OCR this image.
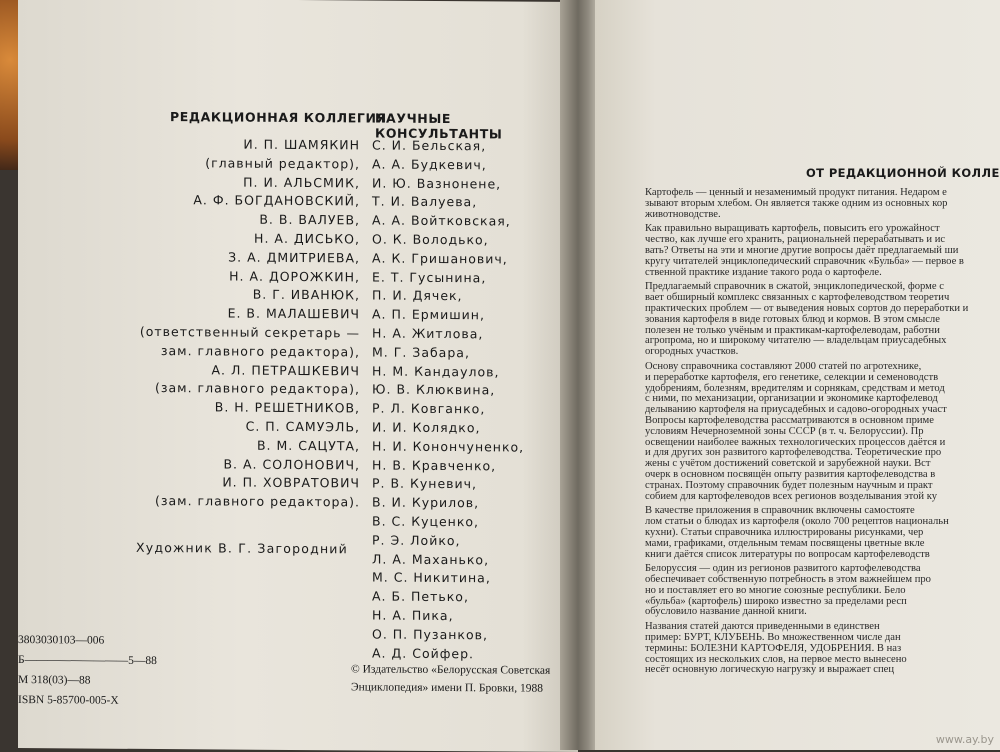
РЕДАКЦИОННАЯ КОЛЛЕГИЯ
НАУЧНЫЕ КОНСУЛЬТАНТЫ
И. П. ШАМЯКИН
(главный редактор),
П. И. АЛЬСМИК,
А. Ф. БОГДАНОВСКИЙ,
В. В. ВАЛУЕВ,
Н. А. ДИСЬКО,
З. А. ДМИТРИЕВА,
Н. А. ДОРОЖКИН,
В. Г. ИВАНЮК,
Е. В. МАЛАШЕВИЧ
(ответственный секретарь —
зам. главного редактора),
А. Л. ПЕТРАШКЕВИЧ
(зам. главного редактора),
В. Н. РЕШЕТНИКОВ,
С. П. САМУЭЛЬ,
В. М. САЦУТА,
В. А. СОЛОНОВИЧ,
И. П. ХОВРАТОВИЧ
(зам. главного редактора).
С. И. Бельская,
А. А. Будкевич,
И. Ю. Вазнонене,
Т. И. Валуева,
А. А. Войтковская,
О. К. Володько,
А. К. Гришанович,
Е. Т. Гусынина,
П. И. Дячек,
А. П. Ермишин,
Н. А. Житлова,
М. Г. Забара,
Н. М. Кандаулов,
Ю. В. Клюквина,
Р. Л. Ковганко,
И. И. Колядко,
Н. И. Конончуненко,
Н. В. Кравченко,
Р. В. Куневич,
В. И. Курилов,
В. С. Куценко,
Р. Э. Лойко,
Л. А. Маханько,
М. С. Никитина,
А. Б. Петько,
Н. А. Пика,
О. П. Пузанков,
А. Д. Сойфер.
Художник В. Г. Загородний
3803030103—006
Б—————————5—88
М 318(03)—88
ISBN 5-85700-005-X
© Издательство «Белорусская Советская
Энциклопедия» имени П. Бровки, 1988
ОТ РЕДАКЦИОННОЙ КОЛЛЕ

Картофель — ценный и незаменимый продукт питания. Недаром е
зывают вторым хлебом. Он является также одним из основных кор
животноводстве.

Как правильно выращивать картофель, повысить его урожайност
чество, как лучше его хранить, рациональней перерабатывать и ис
вать? Ответы на эти и многие другие вопросы даёт предлагаемый ши
кругу читателей энциклопедический справочник «Бульба» — первое в
ственной практике издание такого рода о картофеле.

Предлагаемый справочник в сжатой, энциклопедической, форме с
вает обширный комплекс связанных с картофелеводством теоретич
практических проблем — от выведения новых сортов до переработки и
зования картофеля в виде готовых блюд и кормов. В этом смысле
полезен не только учёным и практикам-картофелеводам, работни
агропрома, но и широкому читателю — владельцам приусадебных
огородных участков.

Основу справочника составляют 2000 статей по агротехнике,
и переработке картофеля, его генетике, селекции и семеноводств
удобрениям, болезням, вредителям и сорнякам, средствам и метод
с ними, по механизации, организации и экономике картофелевод
делыванию картофеля на приусадебных и садово-огородных участ
Вопросы картофелеводства рассматриваются в основном приме
условиям Нечерноземной зоны СССР (в т. ч. Белоруссии). Пр
освещении наиболее важных технологических процессов даётся и
и для других зон развитого картофелеводства. Теоретические про
жены с учётом достижений советской и зарубежной науки. Вст
очерк в основном посвящён опыту развития картофелеводства в
странах. Поэтому справочник будет полезным научным и практ
собием для картофелеводов всех регионов возделывания этой ку

В качестве приложения в справочник включены самостояте
лом статьи о блюдах из картофеля (около 700 рецептов национальн
кухни). Статьи справочника иллюстрированы рисунками, чер
мами, графиками, отдельным темам посвящены цветные вкле
книги даётся список литературы по вопросам картофелеводств

Белоруссия — один из регионов развитого картофелеводства
обеспечивает собственную потребность в этом важнейшем про
но и поставляет его во многие союзные республики. Бело
«бульба» (картофель) широко известно за пределами респ
обусловило название данной книги.

Названия статей даются приведенными в единствен
пример: БУРТ, КЛУБЕНЬ. Во множественном числе дан
термины: БОЛЕЗНИ КАРТОФЕЛЯ, УДОБРЕНИЯ. В наз
состоящих из нескольких слов, на первое место вынесено
несёт основную логическую нагрузку и выражает спец

www.ay.by
